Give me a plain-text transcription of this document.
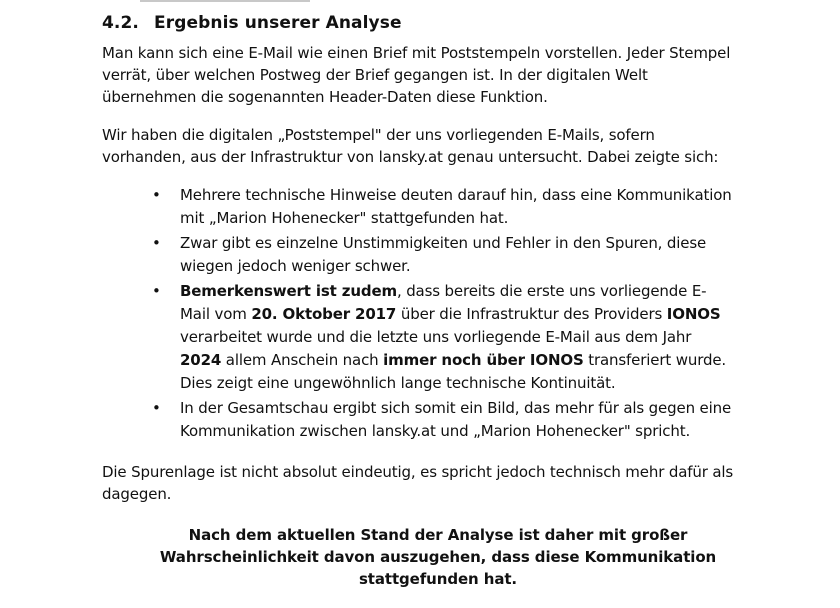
4.2. Ergebnis unserer Analyse

Man kann sich eine E-Mail wie einen Brief mit Poststempeln vorstellen. Jeder Stempel
verrät, über welchen Postweg der Brief gegangen ist. In der digitalen Welt
übernehmen die sogenannten Header-Daten diese Funktion.

Wir haben die digitalen „Poststempel" der uns vorliegenden E-Mails, sofern
vorhanden, aus der Infrastruktur von lansky.at genau untersucht. Dabei zeigte sich:

• Mehrere technische Hinweise deuten darauf hin, dass eine Kommunikation
mit „Marion Hohenecker" stattgefunden hat.
• Zwar gibt es einzelne Unstimmigkeiten und Fehler in den Spuren, diese
wiegen jedoch weniger schwer.
• Bemerkenswert ist zudem, dass bereits die erste uns vorliegende E-
Mail vom 20. Oktober 2017 über die Infrastruktur des Providers IONOS
verarbeitet wurde und die letzte uns vorliegende E-Mail aus dem Jahr
2024 allem Anschein nach immer noch über IONOS transferiert wurde.
Dies zeigt eine ungewöhnlich lange technische Kontinuität.
• In der Gesamtschau ergibt sich somit ein Bild, das mehr für als gegen eine
Kommunikation zwischen lansky.at und „Marion Hohenecker" spricht.

Die Spurenlage ist nicht absolut eindeutig, es spricht jedoch technisch mehr dafür als
dagegen.

Nach dem aktuellen Stand der Analyse ist daher mit großer
Wahrscheinlichkeit davon auszugehen, dass diese Kommunikation
stattgefunden hat.
